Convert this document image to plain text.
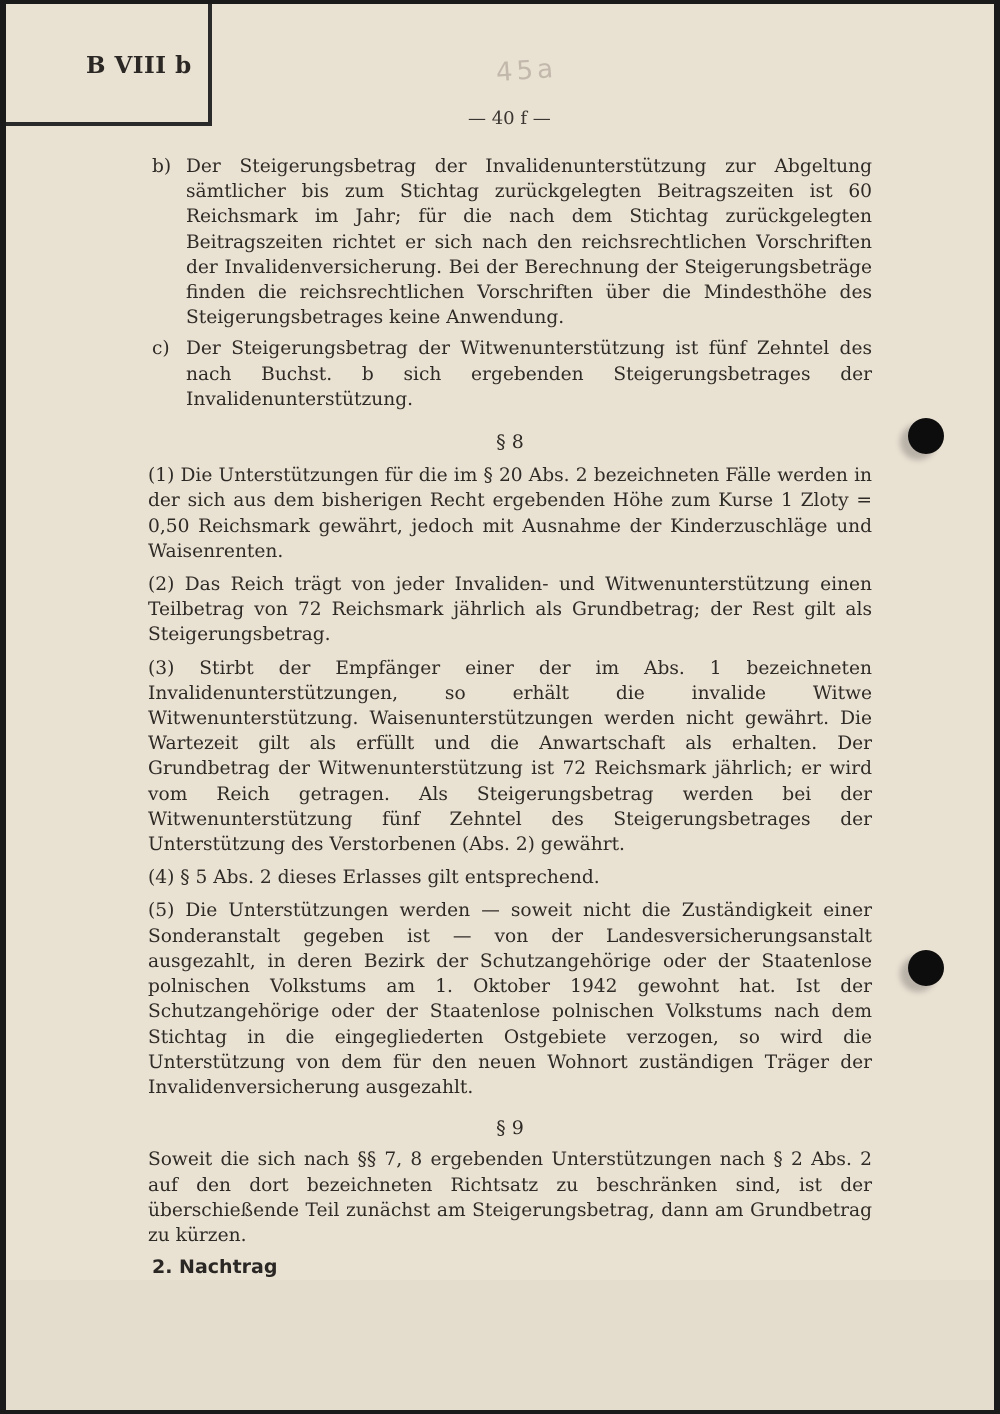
B VIII b	45a
— 40 f —
b) Der Steigerungsbetrag der Invalidenunterstützung zur Abgeltung sämtlicher bis zum Stichtag zurückgelegten Beitragszeiten ist 60 Reichsmark im Jahr; für die nach dem Stichtag zurückgelegten Beitragszeiten richtet er sich nach den reichsrechtlichen Vorschriften der Invalidenversicherung. Bei der Berechnung der Steigerungsbeträge finden die reichsrechtlichen Vorschriften über die Mindesthöhe des Steigerungsbetrages keine Anwendung.
c) Der Steigerungsbetrag der Witwenunterstützung ist fünf Zehntel des nach Buchst. b sich ergebenden Steigerungsbetrages der Invalidenunterstützung.
§ 8

(1) Die Unterstützungen für die im § 20 Abs. 2 bezeichneten Fälle werden in der sich aus dem bisherigen Recht ergebenden Höhe zum Kurse 1 Zloty = 0,50 Reichsmark gewährt, jedoch mit Ausnahme der Kinderzuschläge und Waisenrenten.

(2) Das Reich trägt von jeder Invaliden- und Witwenunterstützung einen Teilbetrag von 72 Reichsmark jährlich als Grundbetrag; der Rest gilt als Steigerungsbetrag.

(3) Stirbt der Empfänger einer der im Abs. 1 bezeichneten Invalidenunterstützungen, so erhält die invalide Witwe Witwenunterstützung. Waisenunterstützungen werden nicht gewährt. Die Wartezeit gilt als erfüllt und die Anwartschaft als erhalten. Der Grundbetrag der Witwenunterstützung ist 72 Reichsmark jährlich; er wird vom Reich getragen. Als Steigerungsbetrag werden bei der Witwenunterstützung fünf Zehntel des Steigerungsbetrages der Unterstützung des Verstorbenen (Abs. 2) gewährt.

(4) § 5 Abs. 2 dieses Erlasses gilt entsprechend.

(5) Die Unterstützungen werden — soweit nicht die Zuständigkeit einer Sonderanstalt gegeben ist — von der Landesversicherungsanstalt ausgezahlt, in deren Bezirk der Schutzangehörige oder der Staatenlose polnischen Volkstums am 1. Oktober 1942 gewohnt hat. Ist der Schutzangehörige oder der Staatenlose polnischen Volkstums nach dem Stichtag in die eingegliederten Ostgebiete verzogen, so wird die Unterstützung von dem für den neuen Wohnort zuständigen Träger der Invalidenversicherung ausgezahlt.

§ 9

Soweit die sich nach §§ 7, 8 ergebenden Unterstützungen nach § 2 Abs. 2 auf den dort bezeichneten Richtsatz zu beschränken sind, ist der überschießende Teil zunächst am Steigerungsbetrag, dann am Grundbetrag zu kürzen.

2. Nachtrag
